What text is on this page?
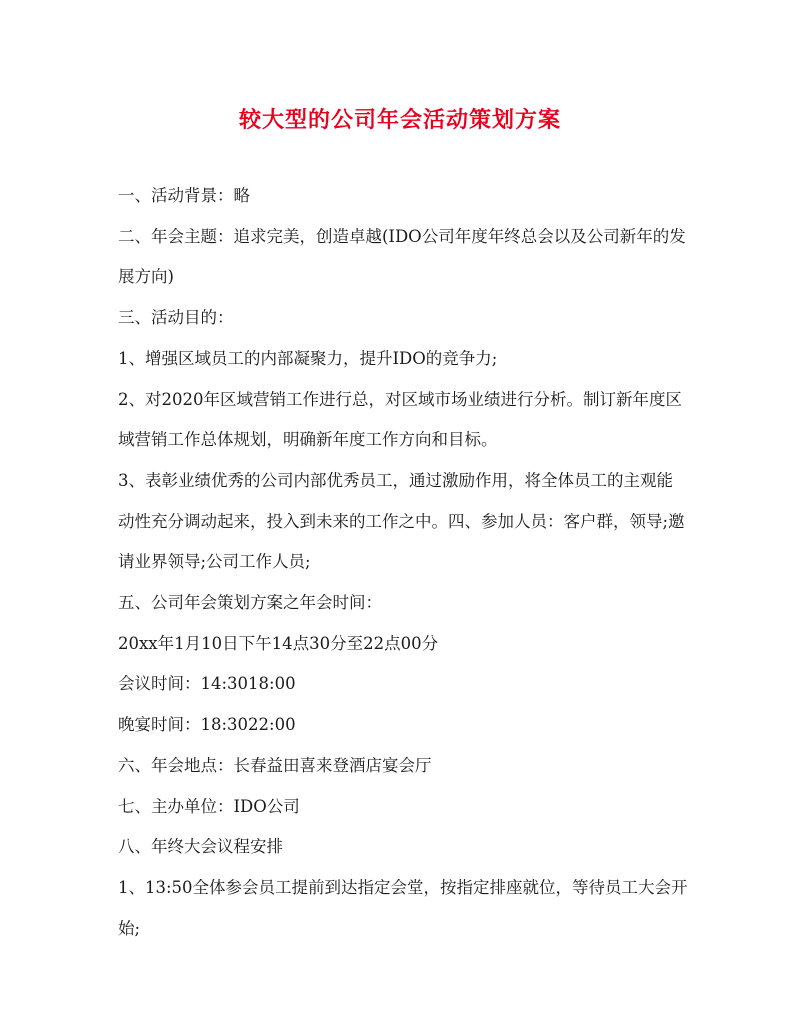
较大型的公司年会活动策划方案

一、活动背景：略

二、年会主题：追求完美，创造卓越(IDO公司年度年终总会以及公司新年的发展方向)

三、活动目的：

1、增强区域员工的内部凝聚力，提升IDO的竞争力;

2、对2020年区域营销工作进行总，对区域市场业绩进行分析。制订新年度区域营销工作总体规划，明确新年度工作方向和目标。

3、表彰业绩优秀的公司内部优秀员工，通过激励作用，将全体员工的主观能动性充分调动起来，投入到未来的工作之中。四、参加人员：客户群，领导;邀请业界领导;公司工作人员;

五、公司年会策划方案之年会时间：

20xx年1月10日下午14点30分至22点00分

会议时间：14:3018:00

晚宴时间：18:3022:00

六、年会地点：长春益田喜来登酒店宴会厅

七、主办单位：IDO公司

八、年终大会议程安排

1、13:50全体参会员工提前到达指定会堂，按指定排座就位，等待员工大会开始;
